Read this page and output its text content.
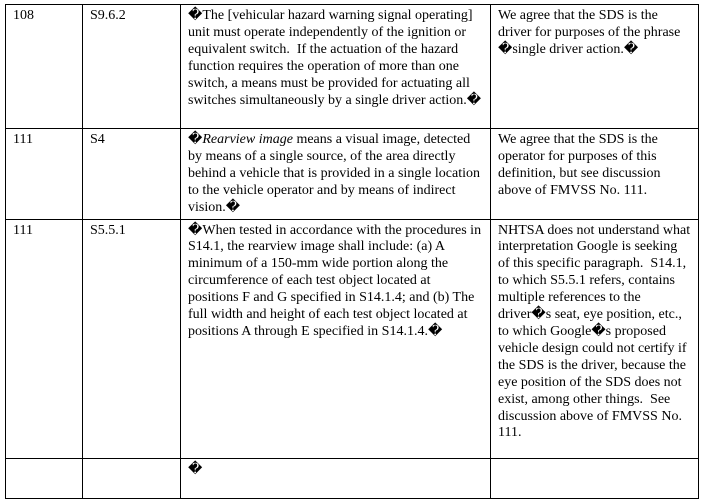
108	S9.6.2	�The [vehicular hazard warning signal operating] unit must operate independently of the ignition or equivalent switch.  If the actuation of the hazard function requires the operation of more than one switch, a means must be provided for actuating all switches simultaneously by a single driver action.�	We agree that the SDS is the driver for purposes of the phrase �single driver action.�
111	S4	�Rearview image means a visual image, detected by means of a single source, of the area directly behind a vehicle that is provided in a single location to the vehicle operator and by means of indirect vision.�	We agree that the SDS is the operator for purposes of this definition, but see discussion above of FMVSS No. 111.
111	S5.5.1	�When tested in accordance with the procedures in S14.1, the rearview image shall include: (a) A minimum of a 150-mm wide portion along the circumference of each test object located at positions F and G specified in S14.1.4; and (b) The full width and height of each test object located at positions A through E specified in S14.1.4.�	NHTSA does not understand what interpretation Google is seeking of this specific paragraph.  S14.1, to which S5.5.1 refers, contains multiple references to the driver�s seat, eye position, etc., to which Google�s proposed vehicle design could not certify if the SDS is the driver, because the eye position of the SDS does not exist, among other things.  See discussion above of FMVSS No. 111.
		�	
